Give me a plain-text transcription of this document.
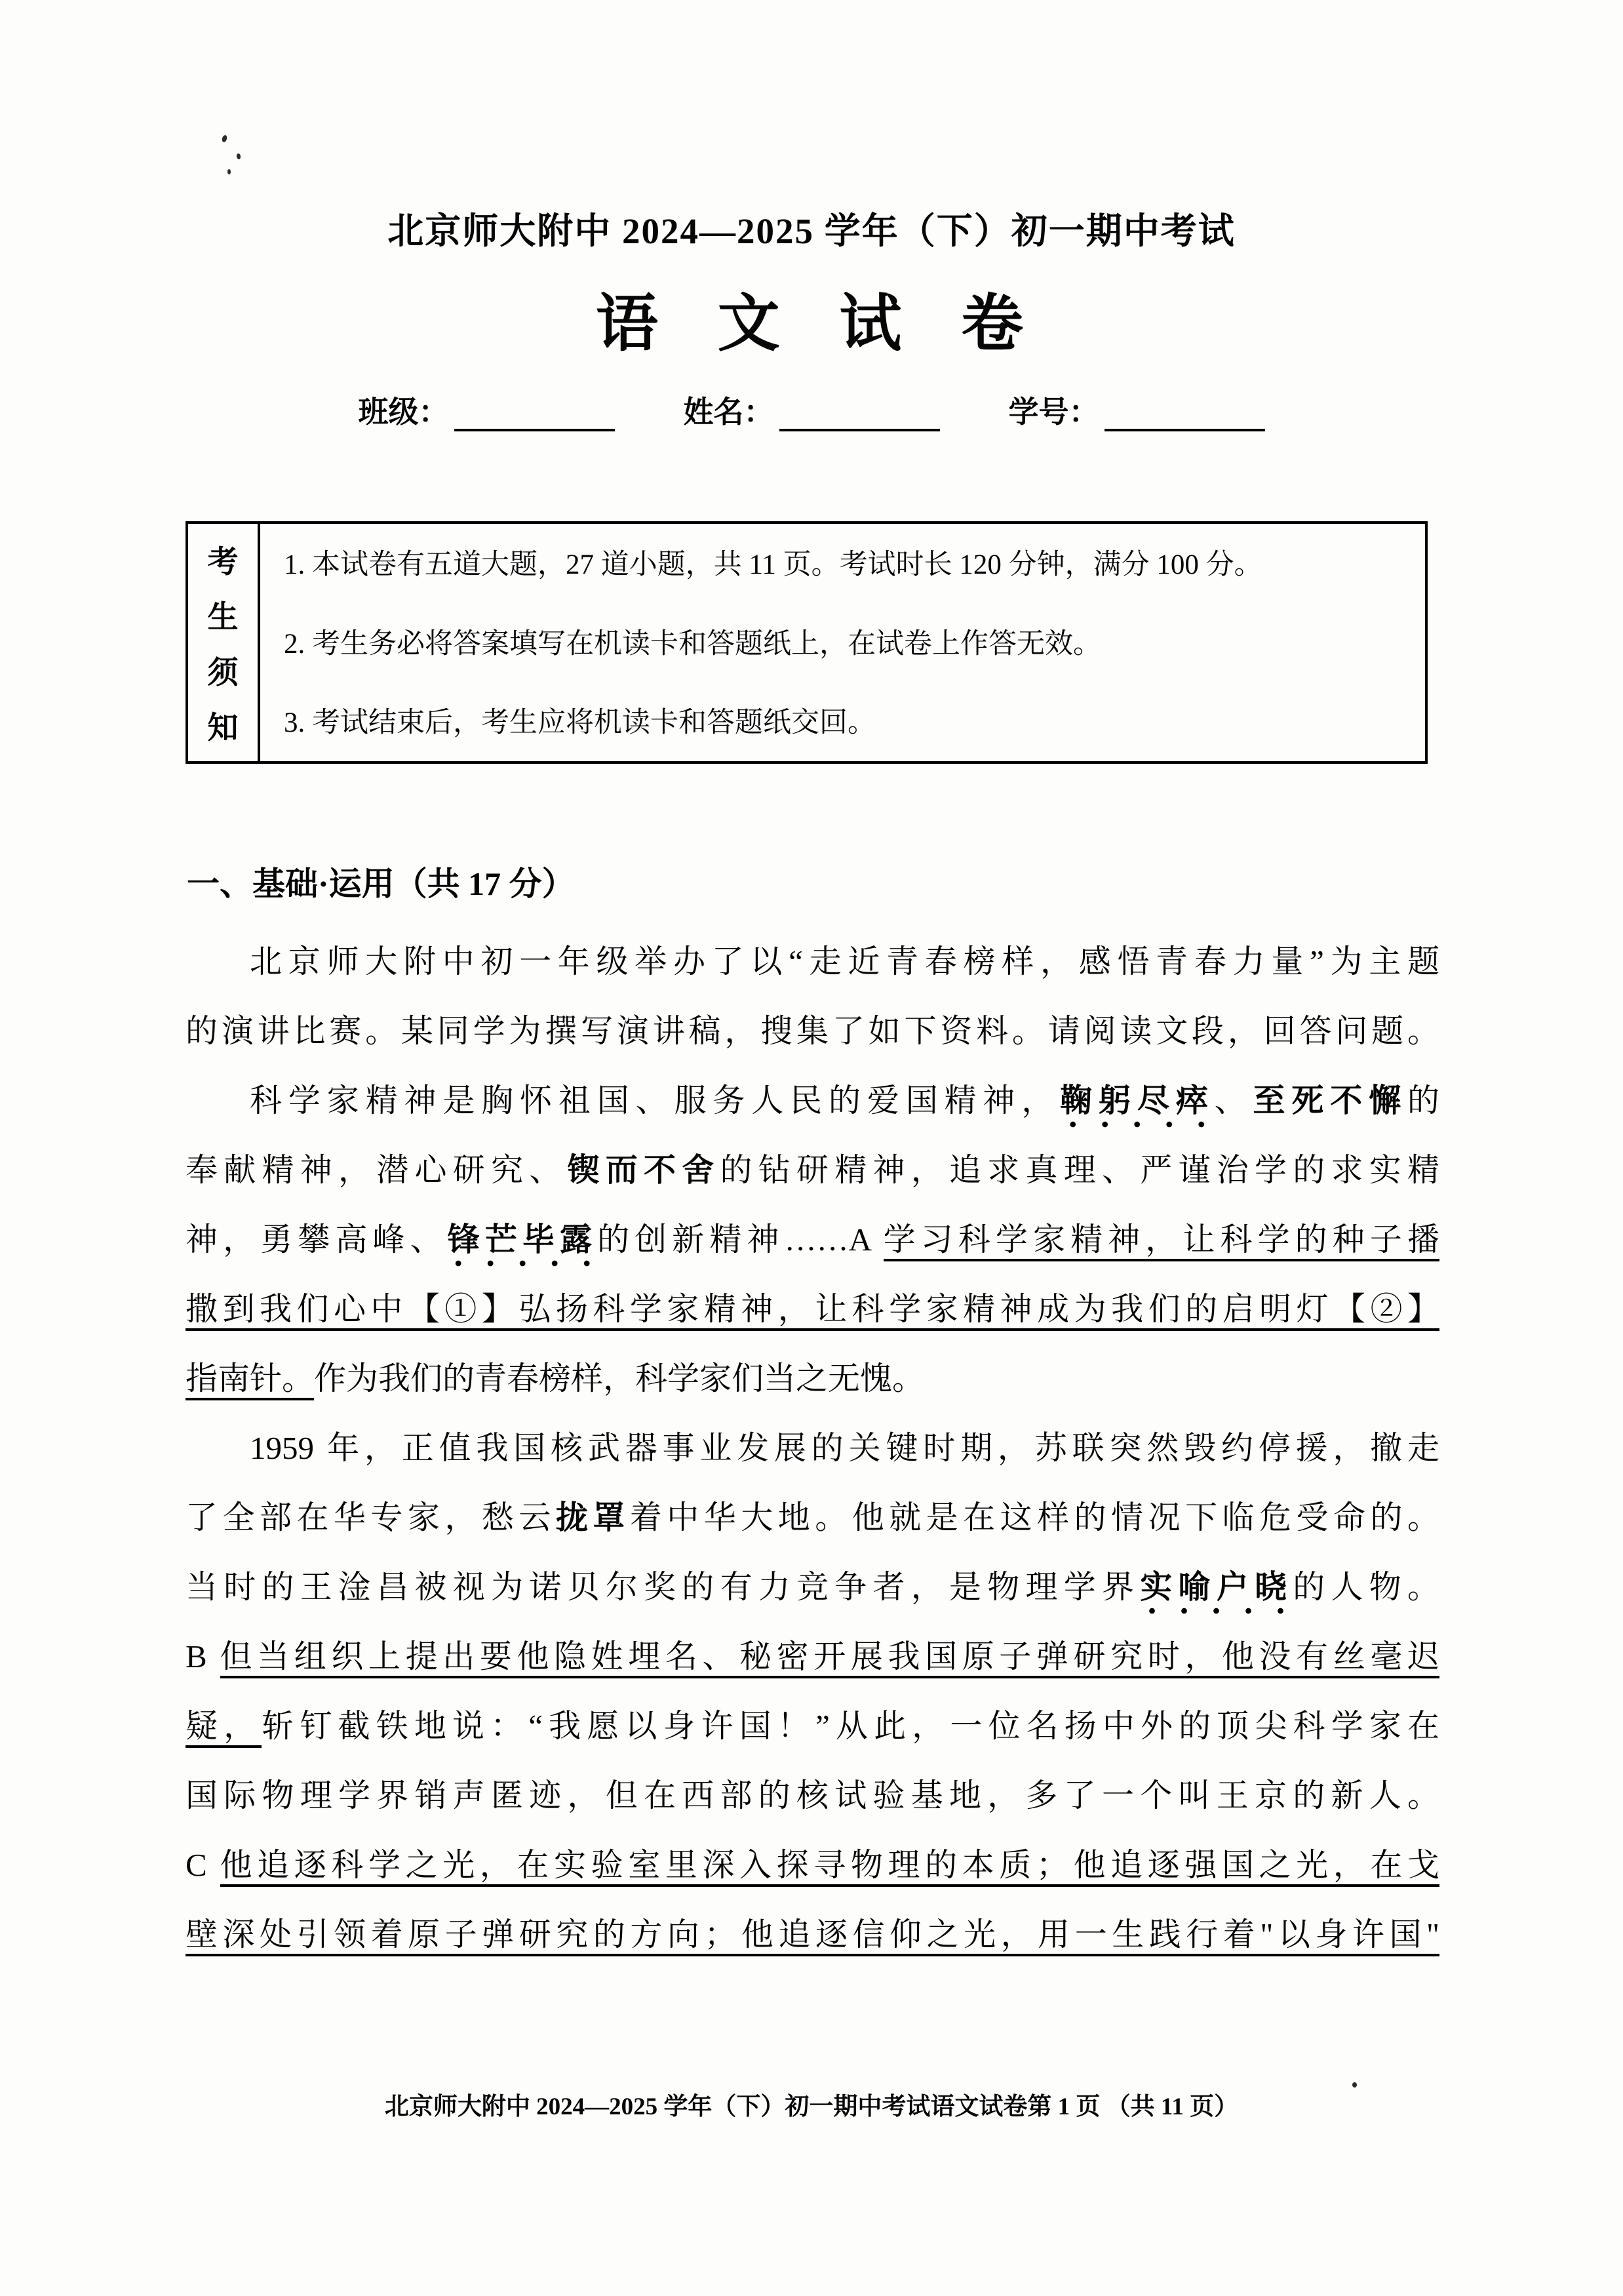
北京师大附中 2024—2025 学年（下）初一期中考试
语 文 试 卷
班级：	姓名：	学号：
考
生
须
知
1. 本试卷有五道大题，27 道小题，共 11 页。考试时长 120 分钟，满分 100 分。
2. 考生务必将答案填写在机读卡和答题纸上，在试卷上作答无效。
3. 考试结束后，考生应将机读卡和答题纸交回。
一、基础·运用（共 17 分）
北京师大附中初一年级举办了以“走近青春榜样，感悟青春力量”为主题
的演讲比赛。某同学为撰写演讲稿，搜集了如下资料。请阅读文段，回答问题。
科学家精神是胸怀祖国、服务人民的爱国精神，鞠躬尽瘁、至死不懈的
奉献精神，潜心研究、锲而不舍的钻研精神，追求真理、严谨治学的求实精
神，勇攀高峰、锋芒毕露的创新精神……A 学习科学家精神，让科学的种子播
撒到我们心中【①】弘扬科学家精神，让科学家精神成为我们的启明灯【②】
指南针。作为我们的青春榜样，科学家们当之无愧。
1959 年，正值我国核武器事业发展的关键时期，苏联突然毁约停援，撤走
了全部在华专家，愁云拢罩着中华大地。他就是在这样的情况下临危受命的。
当时的王淦昌被视为诺贝尔奖的有力竞争者，是物理学界实喻户晓的人物。
B 但当组织上提出要他隐姓埋名、秘密开展我国原子弹研究时，他没有丝毫迟
疑，斩钉截铁地说：“我愿以身许国！”从此，一位名扬中外的顶尖科学家在
国际物理学界销声匿迹，但在西部的核试验基地，多了一个叫王京的新人。
C 他追逐科学之光，在实验室里深入探寻物理的本质；他追逐强国之光，在戈
壁深处引领着原子弹研究的方向；他追逐信仰之光，用一生践行着"以身许国"
北京师大附中 2024—2025 学年（下）初一期中考试语文试卷第 1 页 （共 11 页）
